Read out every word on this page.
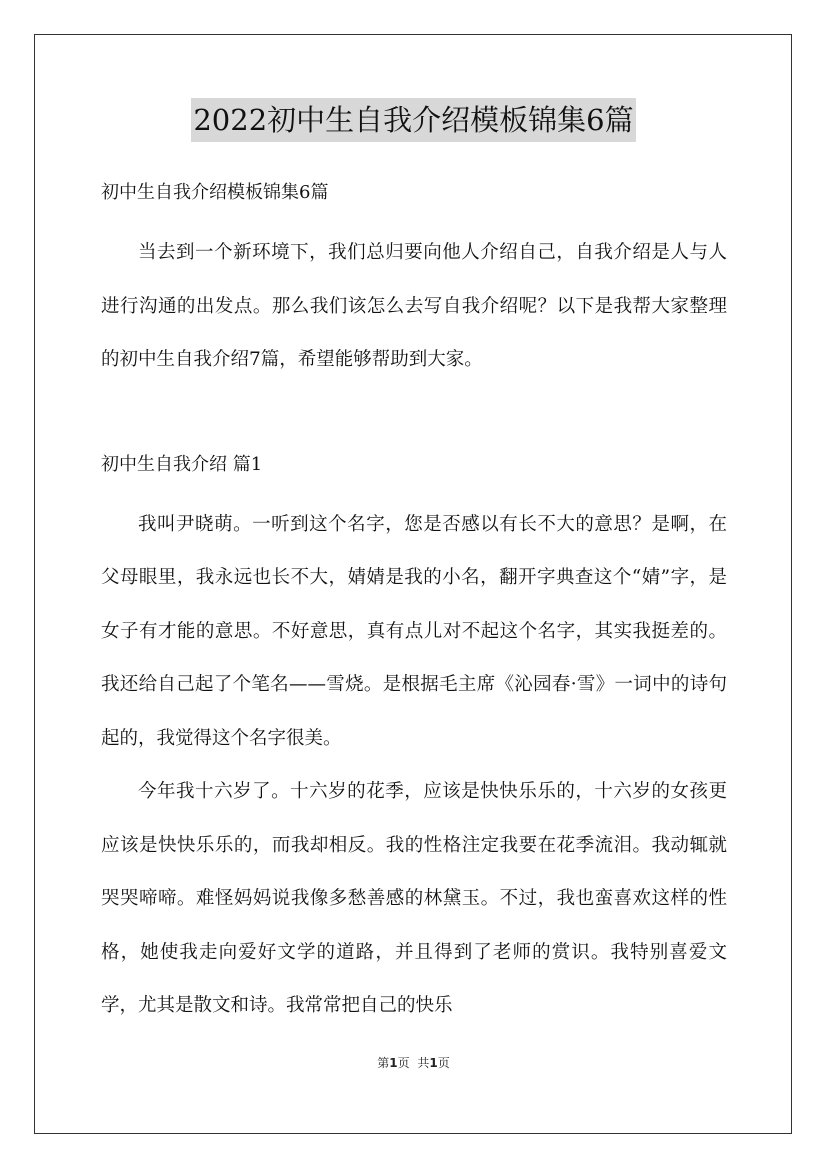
2022初中生自我介绍模板锦集6篇

初中生自我介绍模板锦集6篇

当去到一个新环境下，我们总归要向他人介绍自己，自我介绍是人与人进行沟通的出发点。那么我们该怎么去写自我介绍呢？以下是我帮大家整理的初中生自我介绍7篇，希望能够帮助到大家。

初中生自我介绍 篇1

我叫尹晓萌。一听到这个名字，您是否感以有长不大的意思？是啊，在父母眼里，我永远也长不大，婧婧是我的小名，翻开字典查这个“婧”字，是女子有才能的意思。不好意思，真有点儿对不起这个名字，其实我挺差的。我还给自己起了个笔名——雪烧。是根据毛主席《沁园春·雪》一词中的诗句起的，我觉得这个名字很美。

今年我十六岁了。十六岁的花季，应该是快快乐乐的，十六岁的女孩更应该是快快乐乐的，而我却相反。我的性格注定我要在花季流泪。我动辄就哭哭啼啼。难怪妈妈说我像多愁善感的林黛玉。不过，我也蛮喜欢这样的性格，她使我走向爱好文学的道路，并且得到了老师的赏识。我特别喜爱文学，尤其是散文和诗。我常常把自己的快乐

第1页 共1页
